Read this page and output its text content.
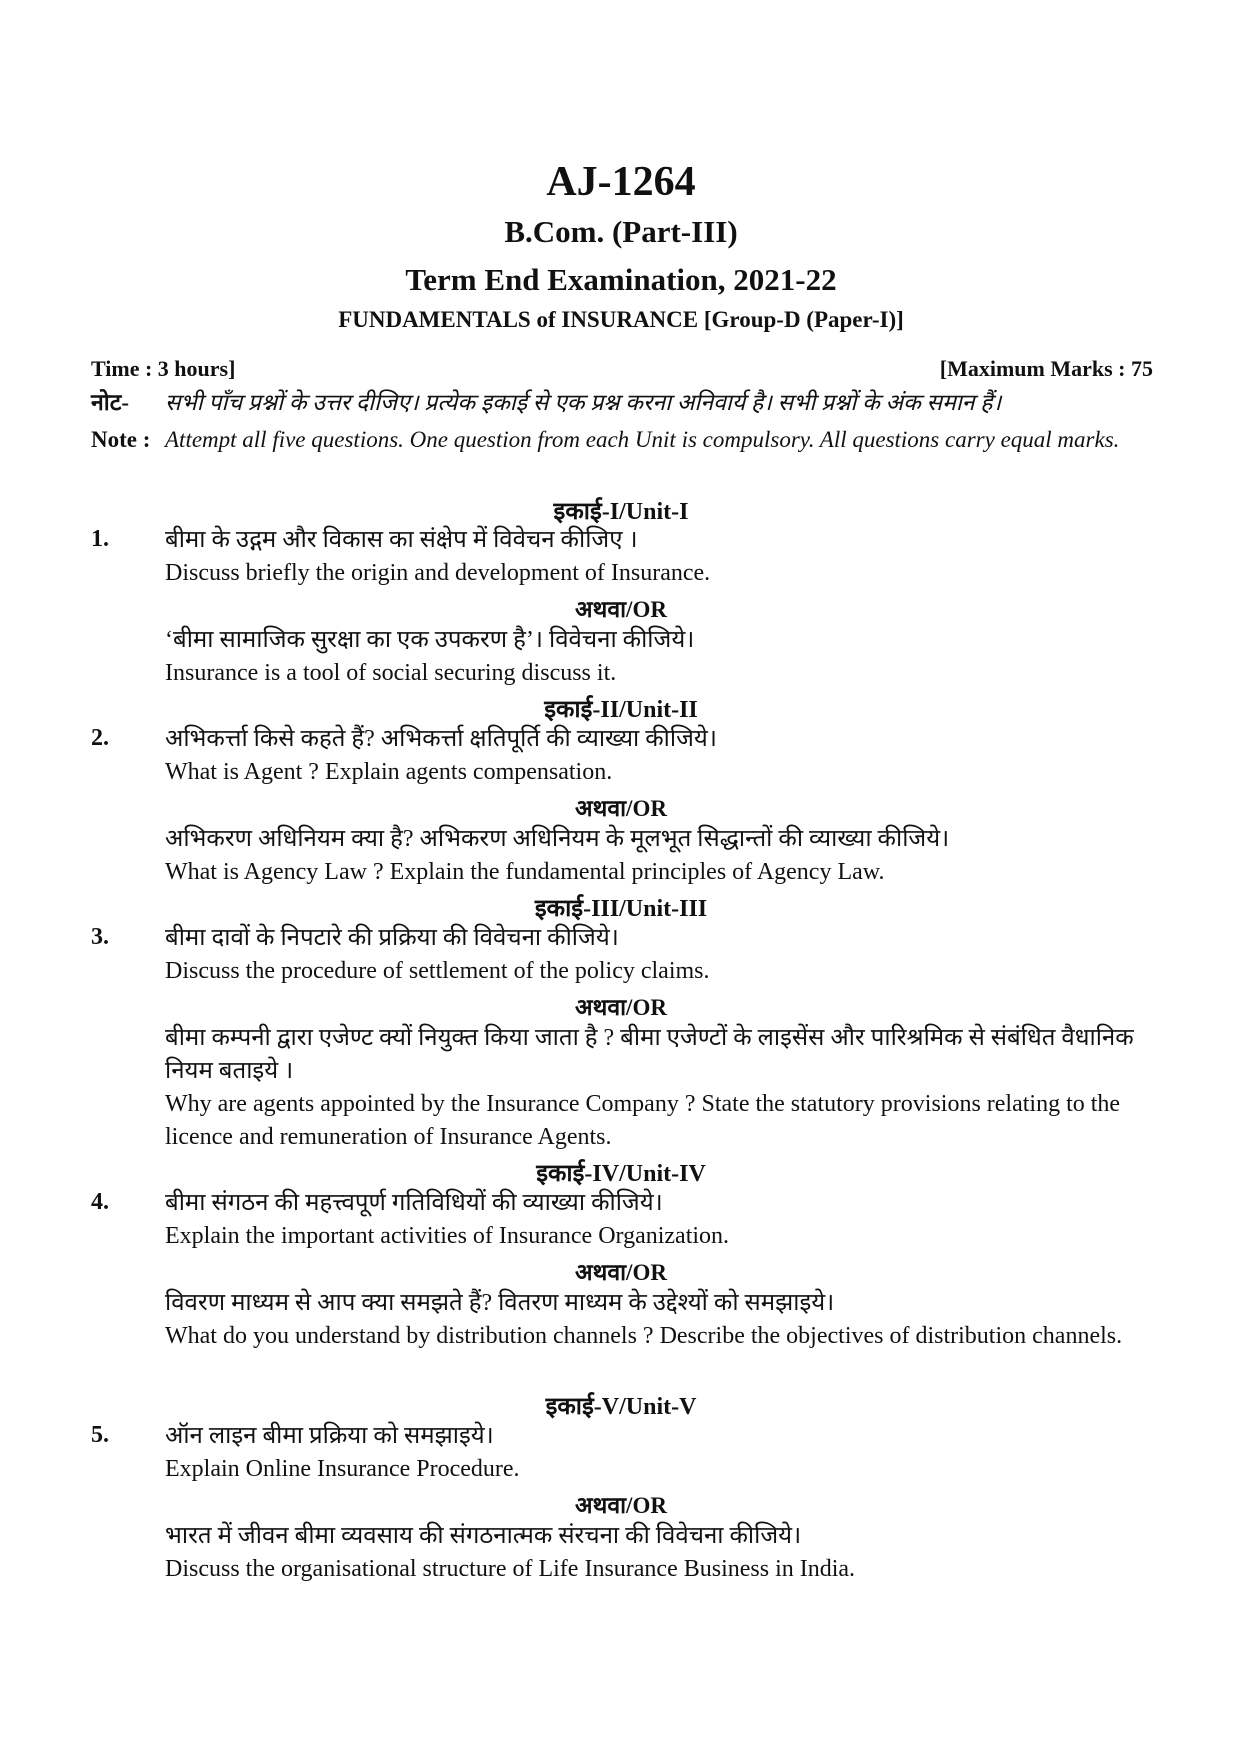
AJ-1264
B.Com. (Part-III)
Term End Examination, 2021-22
FUNDAMENTALS of INSURANCE [Group-D (Paper-I)]
Time : 3 hours]	[Maximum Marks : 75
नोट- सभी पाँच प्रश्नों के उत्तर दीजिए। प्रत्येक इकाई से एक प्रश्न करना अनिवार्य है। सभी प्रश्नों के अंक समान हैं।
Note : Attempt all five questions. One question from each Unit is compulsory. All questions carry equal marks.
इकाई-I/Unit-I
1. बीमा के उद्गम और विकास का संक्षेप में विवेचन कीजिए ।
Discuss briefly the origin and development of Insurance.
अथवा/OR
‘बीमा सामाजिक सुरक्षा का एक उपकरण है’। विवेचना कीजिये।
Insurance is a tool of social securing discuss it.
इकाई-II/Unit-II
2. अभिकर्त्ता किसे कहते हैं? अभिकर्त्ता क्षतिपूर्ति की व्याख्या कीजिये।
What is Agent ? Explain agents compensation.
अथवा/OR
अभिकरण अधिनियम क्या है? अभिकरण अधिनियम के मूलभूत सिद्धान्तों की व्याख्या कीजिये।
What is Agency Law ? Explain the fundamental principles of Agency Law.
इकाई-III/Unit-III
3. बीमा दावों के निपटारे की प्रक्रिया की विवेचना कीजिये।
Discuss the procedure of settlement of the policy claims.
अथवा/OR
बीमा कम्पनी द्वारा एजेण्ट क्यों नियुक्त किया जाता है ? बीमा एजेण्टों के लाइसेंस और पारिश्रमिक से संबंधित वैधानिक नियम बताइये ।
Why are agents appointed by the Insurance Company ? State the statutory provisions relating to the licence and remuneration of Insurance Agents.
इकाई-IV/Unit-IV
4. बीमा संगठन की महत्त्वपूर्ण गतिविधियों की व्याख्या कीजिये।
Explain the important activities of Insurance Organization.
अथवा/OR
विवरण माध्यम से आप क्या समझते हैं? वितरण माध्यम के उद्देश्यों को समझाइये।
What do you understand by distribution channels ? Describe the objectives of distribution channels.
इकाई-V/Unit-V
5. ऑन लाइन बीमा प्रक्रिया को समझाइये।
Explain Online Insurance Procedure.
अथवा/OR
भारत में जीवन बीमा व्यवसाय की संगठनात्मक संरचना की विवेचना कीजिये।
Discuss the organisational structure of Life Insurance Business in India.
